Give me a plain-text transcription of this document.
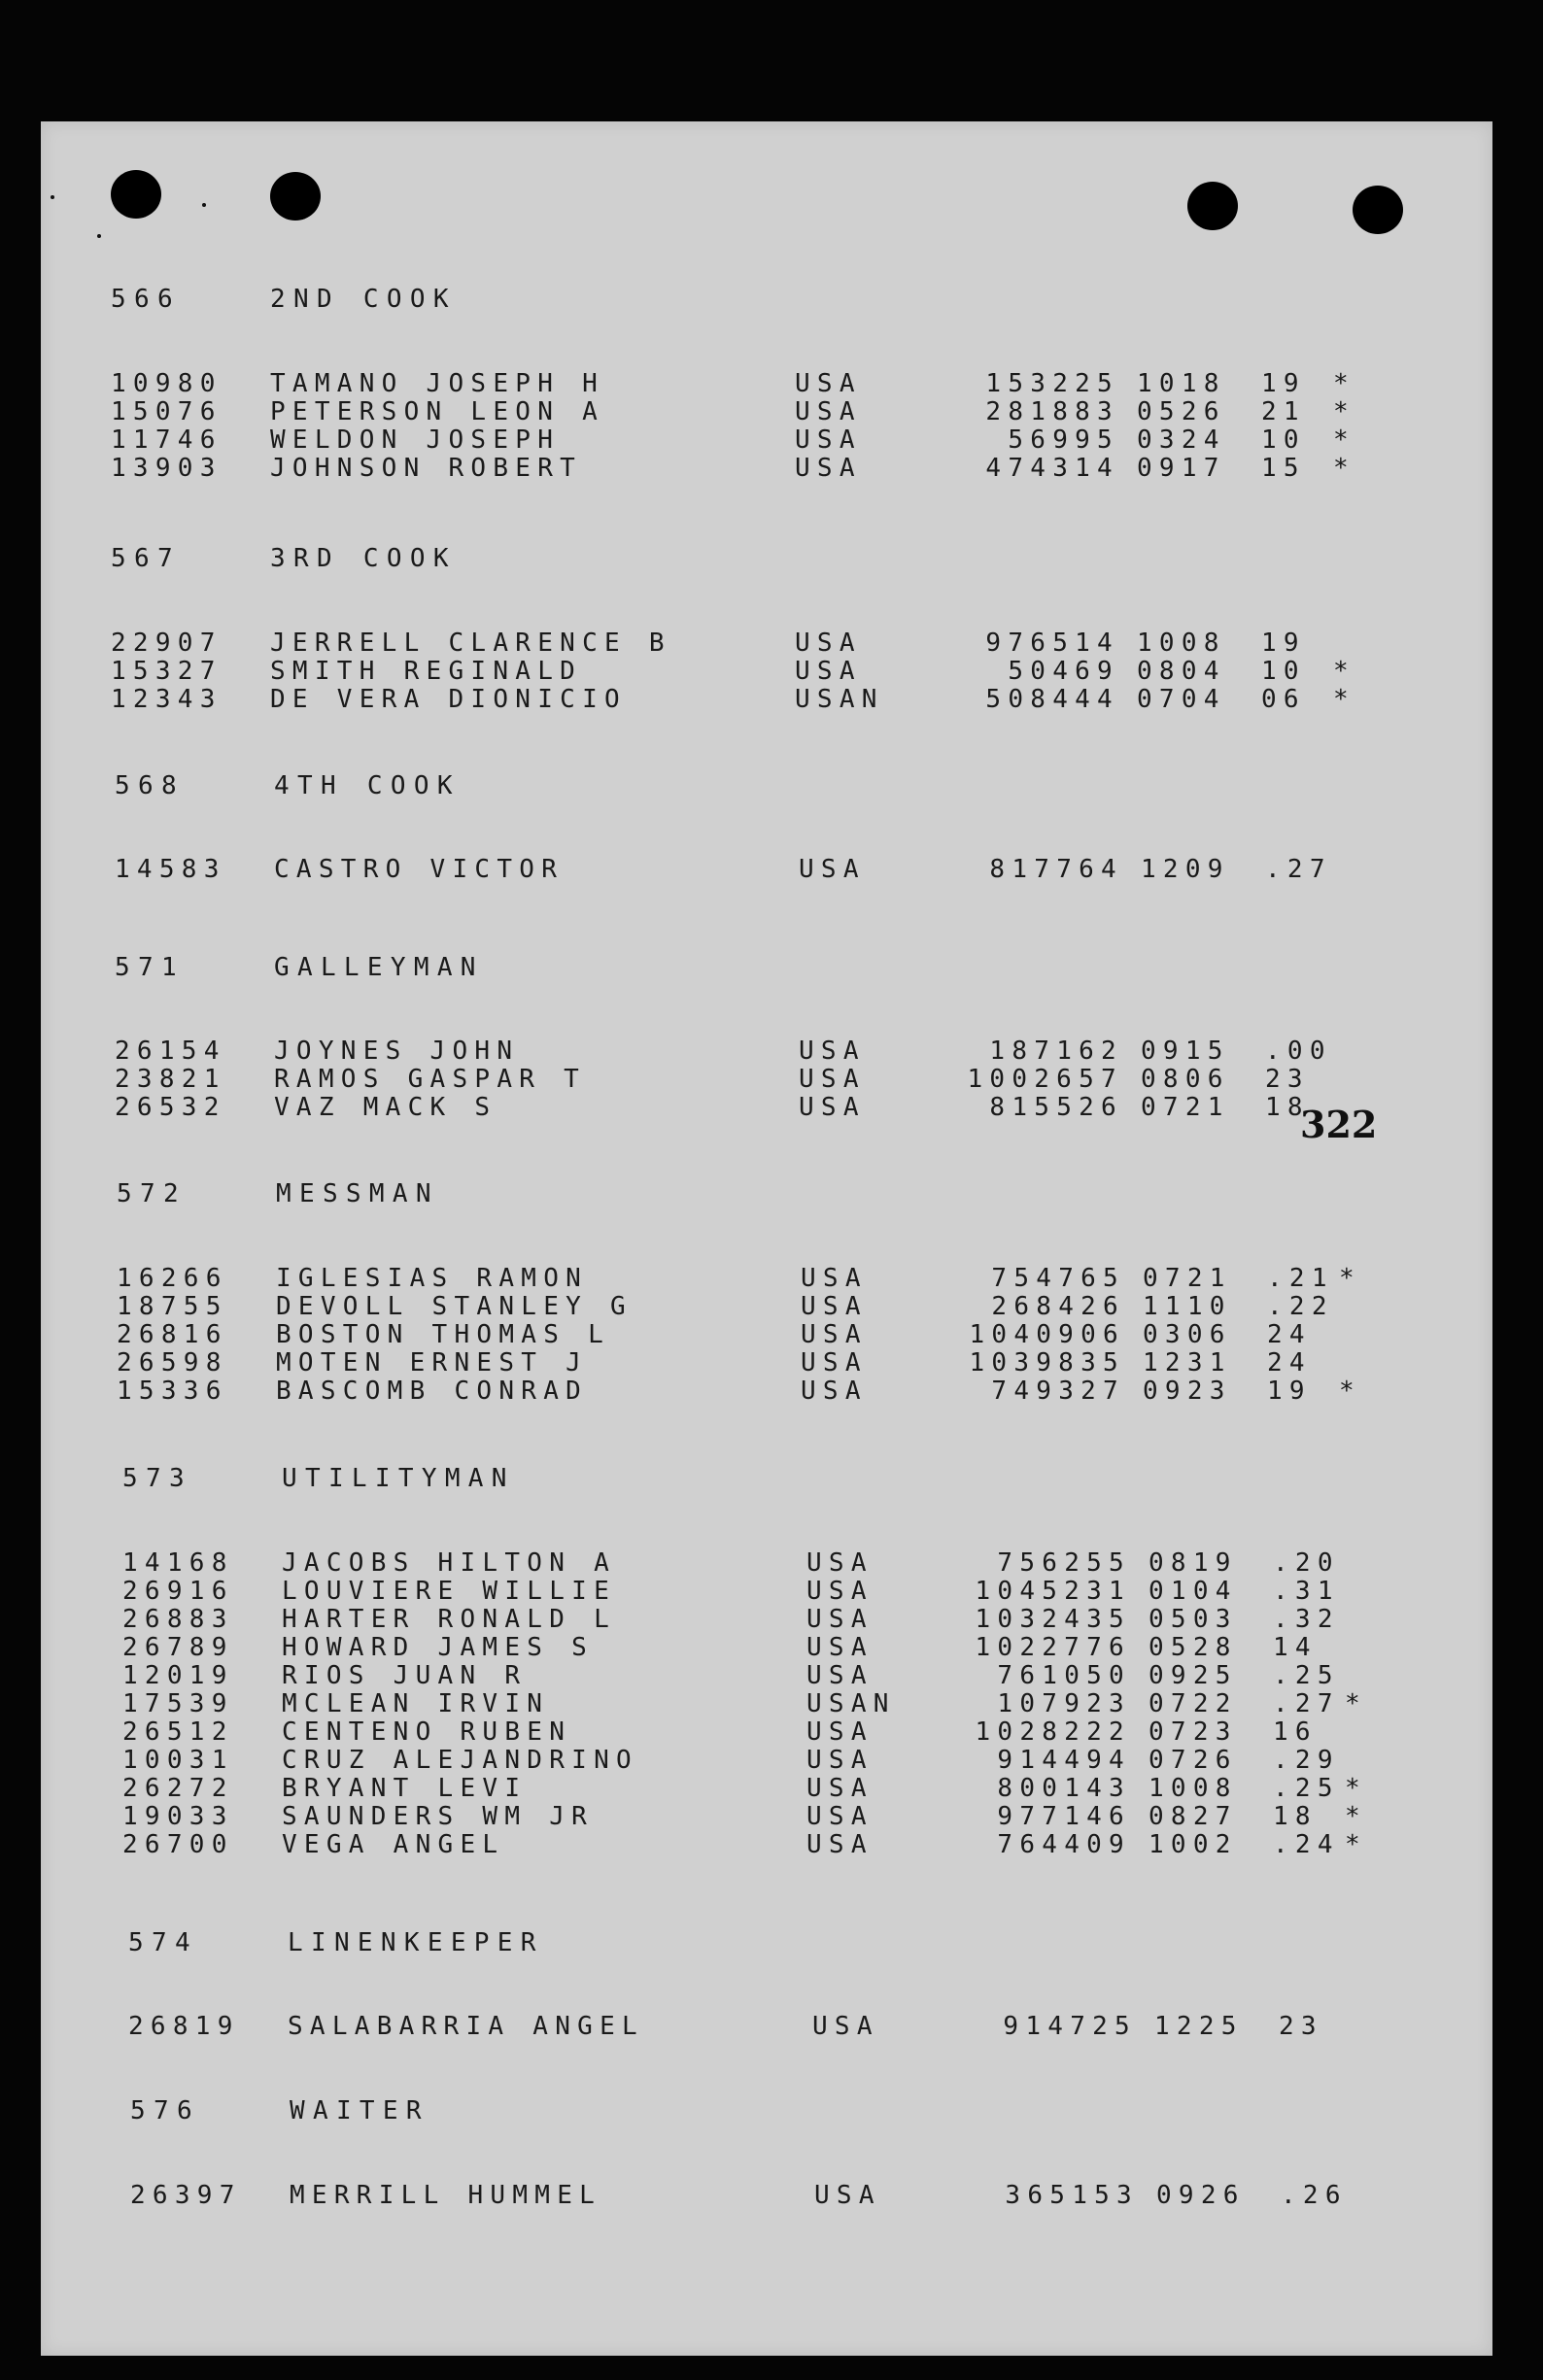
566	2ND COOK
10980 TAMANO JOSEPH H	USA	153225 1018 19 *
15076 PETERSON LEON A	USA	281883 0526 21 *
11746 WELDON JOSEPH	USA	56995 0324 10 *
13903 JOHNSON ROBERT	USA	474314 0917 15 *
567	3RD COOK
22907 JERRELL CLARENCE B	USA	976514 1008 19
15327 SMITH REGINALD	USA	50469 0804 10 *
12343 DE VERA DIONICIO	USAN	508444 0704 06 *
568	4TH COOK
14583 CASTRO VICTOR	USA	817764 1209 .27
571	GALLEYMAN
26154 JOYNES JOHN	USA	187162 0915 .00
23821 RAMOS GASPAR T	USA	1002657 0806 23
26532 VAZ MACK S	USA	815526 0721 18
572	MESSMAN
16266 IGLESIAS RAMON	USA	754765 0721 .21 *
18755 DEVOLL STANLEY G	USA	268426 1110 .22
26816 BOSTON THOMAS L	USA	1040906 0306 24
26598 MOTEN ERNEST J	USA	1039835 1231 24
15336 BASCOMB CONRAD	USA	749327 0923 19 *
573	UTILITYMAN
14168 JACOBS HILTON A	USA	756255 0819 .20
26916 LOUVIERE WILLIE	USA	1045231 0104 .31
26883 HARTER RONALD L	USA	1032435 0503 .32
26789 HOWARD JAMES S	USA	1022776 0528 14
12019 RIOS JUAN R	USA	761050 0925 .25
17539 MCLEAN IRVIN	USAN	107923 0722 .27 *
26512 CENTENO RUBEN	USA	1028222 0723 16
10031 CRUZ ALEJANDRINO	USA	914494 0726 .29
26272 BRYANT LEVI	USA	800143 1008 .25 *
19033 SAUNDERS WM JR	USA	977146 0827 18 *
26700 VEGA ANGEL	USA	764409 1002 .24 *
574	LINENKEEPER
26819 SALABARRIA ANGEL	USA	914725 1225 23
576	WAITER
26397 MERRILL HUMMEL	USA	365153 0926 .26
322
